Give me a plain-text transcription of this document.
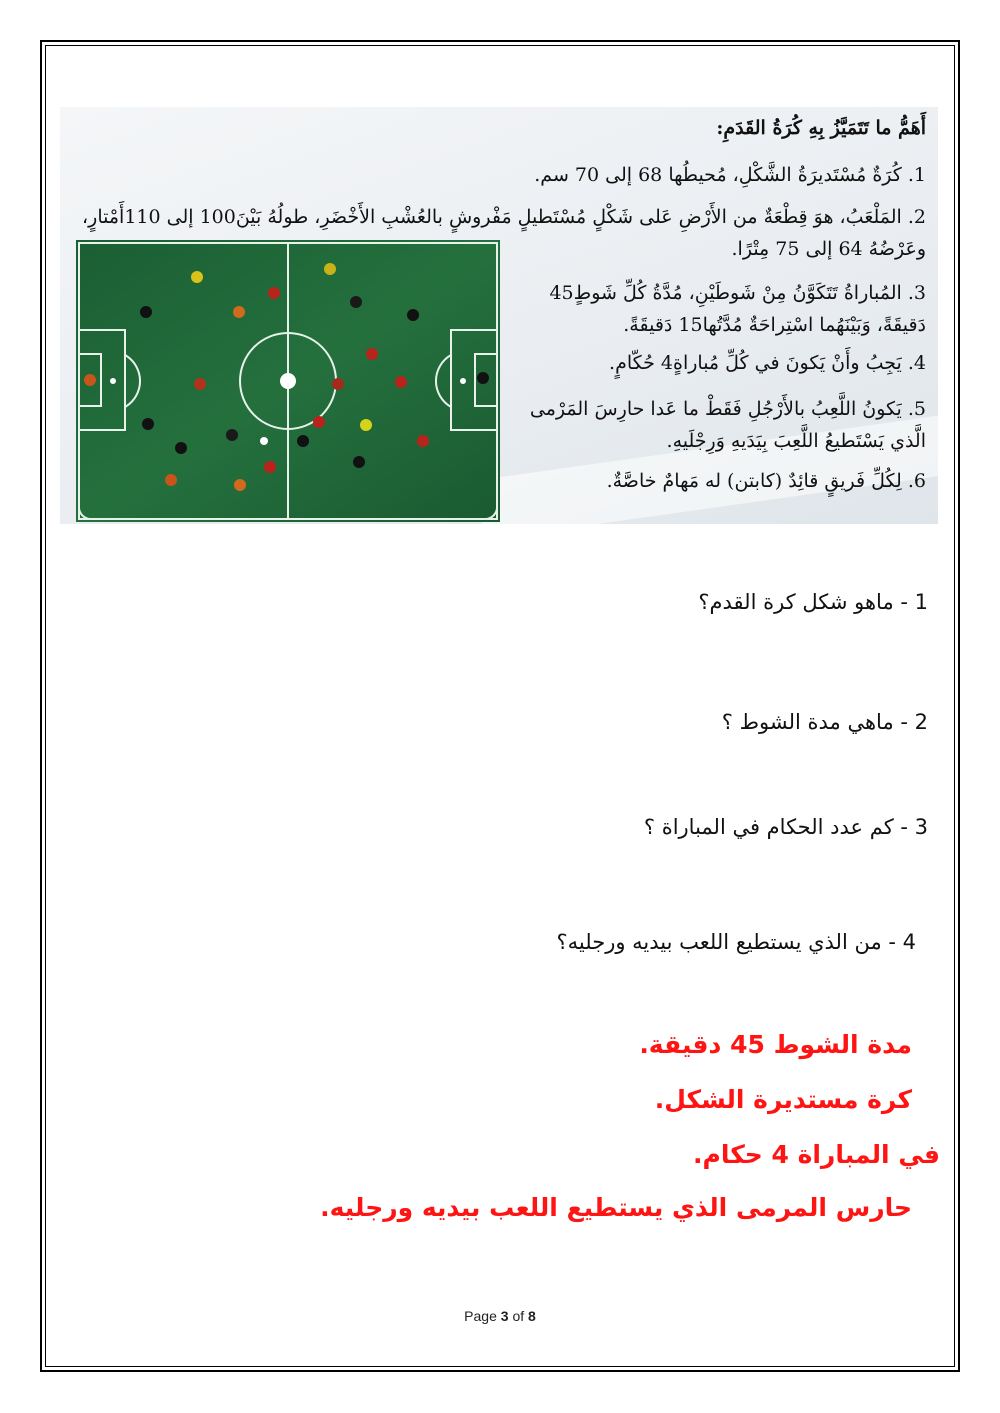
أَهَمُّ ما تَتَمَيَّزُ بِهِ كُرَةُ القَدَمِ:
1. كُرَةٌ مُسْتَديرَةُ الشَّكْلِ، مُحيطُها 68 إلى 70 سم.
2. المَلْعَبُ، هوَ قِطْعَةٌ من الأَرْضِ عَلى شَكْلٍ مُسْتَطيلٍ مَفْروشٍ بالعُشْبِ الأَخْضَرِ، طولُهُ بَيْنَ100 إلى 110أَمْتارٍ، وعَرْضُهُ 64 إلى 75 مِتْرًا.
3. المُباراةُ تَتَكَوَّنُ مِنْ شَوطَيْنِ، مُدَّةُ كُلِّ شَوطٍ45 دَقيقَةً، وَبَيْنَهُما اسْتِراحَةٌ مُدَّتُها15 دَقيقَةً.
4. يَجِبُ وأَنْ يَكونَ في كُلِّ مُباراةٍ4 حُكّامٍ.
5. يَكونُ اللَّعِبُ بالأَرْجُلِ فَقَطْ ما عَدا حارِسَ المَرْمى الَّذي يَسْتَطيعُ اللَّعِبَ بِيَدَيهِ وَرِجْلَيهِ.
6. لِكُلِّ فَريقٍ قائِدٌ (كابتن) له مَهامٌ خاصَّةٌ.
1 - ماهو شكل كرة القدم؟
2 - ماهي مدة الشوط ؟
3 - كم عدد الحكام في المباراة ؟
4 - من الذي يستطيع اللعب بيديه ورجليه؟
مدة الشوط 45 دقيقة.
كرة مستديرة الشكل.
في المباراة 4 حكام.
حارس المرمى الذي يستطيع اللعب بيديه ورجليه.
Page 3 of 8
